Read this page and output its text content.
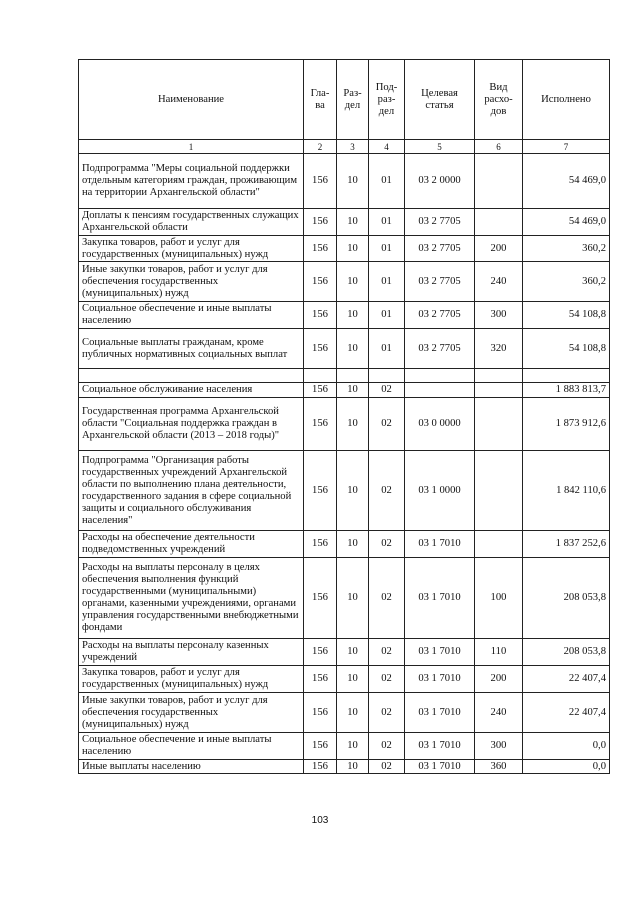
Наименование	Гла-ва	Раз-дел	Под-раз-дел	Целевая статья	Вид расхо-дов	Исполнено
1	2	3	4	5	6	7
Подпрограмма "Меры социальной поддержки отдельным категориям граждан, проживающим на территории Архангельской области"	156	10	01	03 2 0000		54 469,0
Доплаты к пенсиям государственных служащих Архангельской области	156	10	01	03 2 7705		54 469,0
Закупка товаров, работ и услуг для государственных (муниципальных) нужд	156	10	01	03 2 7705	200	360,2
Иные закупки товаров, работ и услуг для обеспечения государственных (муниципальных) нужд	156	10	01	03 2 7705	240	360,2
Социальное обеспечение и иные выплаты населению	156	10	01	03 2 7705	300	54 108,8
Социальные выплаты гражданам, кроме публичных нормативных социальных выплат	156	10	01	03 2 7705	320	54 108,8

Социальное обслуживание населения	156	10	02			1 883 813,7
Государственная программа Архангельской области "Социальная поддержка граждан в Архангельской области (2013 – 2018 годы)"	156	10	02	03 0 0000		1 873 912,6
Подпрограмма "Организация работы государственных учреждений Архангельской области по выполнению плана деятельности, государственного задания в сфере социальной защиты и социального обслуживания населения"	156	10	02	03 1 0000		1 842 110,6
Расходы на обеспечение деятельности подведомственных учреждений	156	10	02	03 1 7010		1 837 252,6
Расходы на выплаты персоналу в целях обеспечения выполнения функций государственными (муниципальными) органами, казенными учреждениями, органами управления государственными внебюджетными фондами	156	10	02	03 1 7010	100	208 053,8
Расходы на выплаты персоналу казенных учреждений	156	10	02	03 1 7010	110	208 053,8
Закупка товаров, работ и услуг для государственных (муниципальных) нужд	156	10	02	03 1 7010	200	22 407,4
Иные закупки товаров, работ и услуг для обеспечения государственных (муниципальных) нужд	156	10	02	03 1 7010	240	22 407,4
Социальное обеспечение и иные выплаты населению	156	10	02	03 1 7010	300	0,0
Иные выплаты населению	156	10	02	03 1 7010	360	0,0
103
